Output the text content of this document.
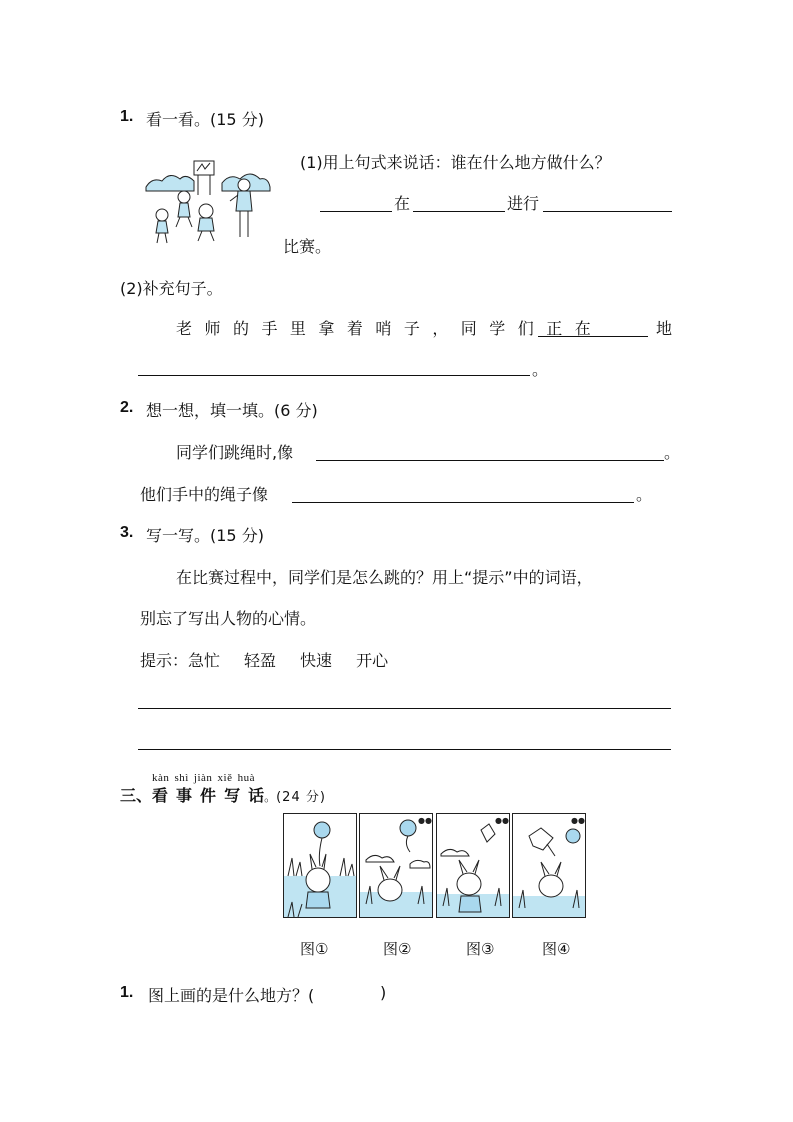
1. 看一看。(15 分)
(1)用上句式来说话：谁在什么地方做什么？
在	进行
比赛。
(2)补充句子。
老师的手里拿着哨子，同学们正在	地
。
2. 想一想，填一填。(6 分)
同学们跳绳时,像	。
他们手中的绳子像	。
3. 写一写。(15 分)
在比赛过程中，同学们是怎么跳的？用上“提示”中的词语，
别忘了写出人物的心情。
提示：急忙 轻盈 快速 开心
kàn shì jiàn xiě huà
三、看 事 件 写 话。(24 分)
●●	●●	●●
图①	图②	图③	图④
1. 图上画的是什么地方？(	)
